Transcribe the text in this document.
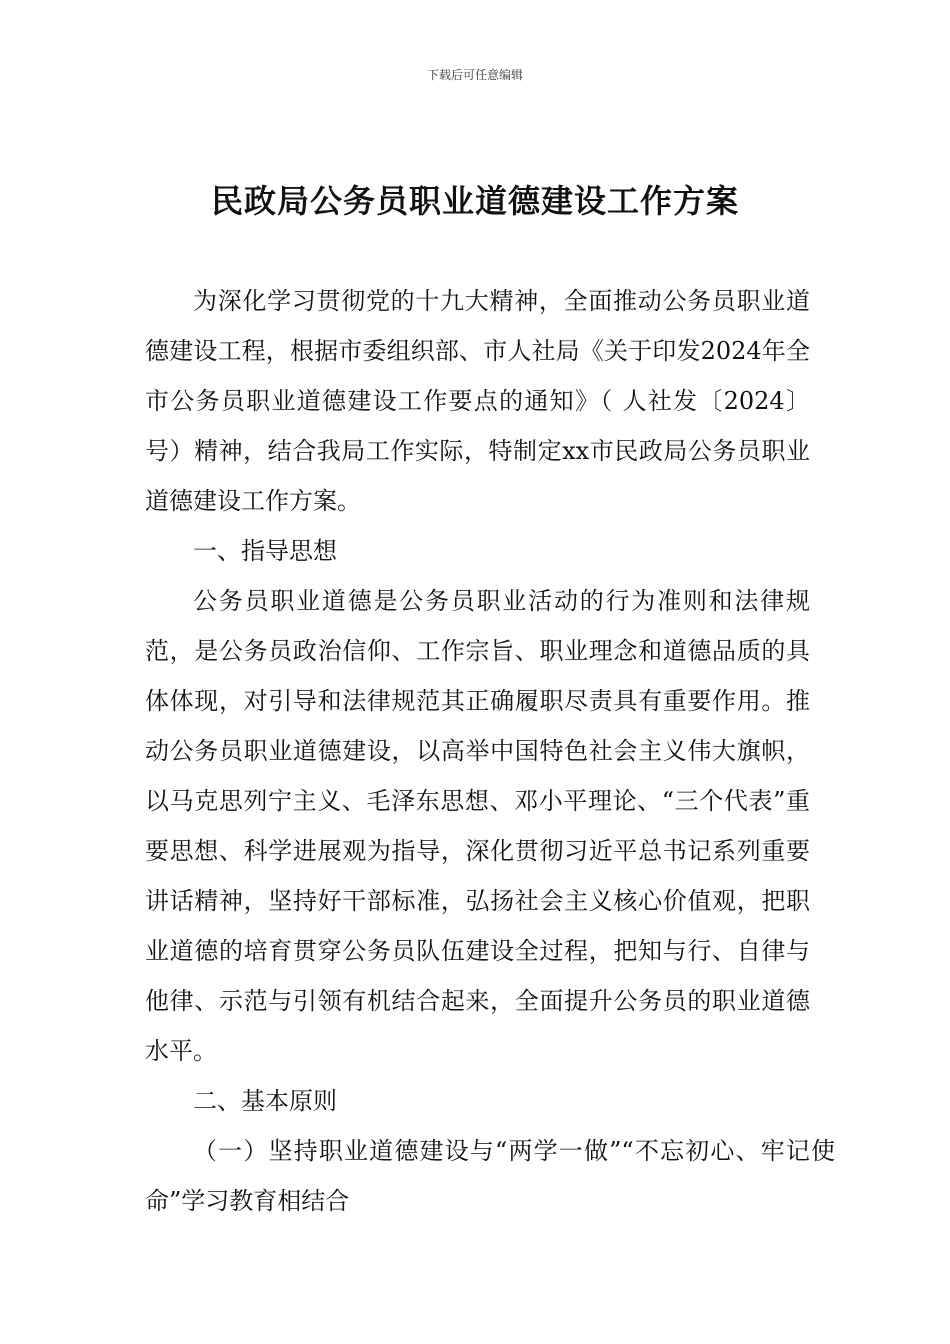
下载后可任意编辑
民政局公务员职业道德建设工作方案

为深化学习贯彻党的十九大精神，全面推动公务员职业道德建设工程，根据市委组织部、市人社局《关于印发2024年全市公务员职业道德建设工作要点的通知》（ 人社发〔2024〕 号）精神，结合我局工作实际，特制定xx市民政局公务员职业道德建设工作方案。

一、指导思想

公务员职业道德是公务员职业活动的行为准则和法律规范，是公务员政治信仰、工作宗旨、职业理念和道德品质的具体体现，对引导和法律规范其正确履职尽责具有重要作用。推动公务员职业道德建设，以高举中国特色社会主义伟大旗帜，以马克思列宁主义、毛泽东思想、邓小平理论、“三个代表”重要思想、科学进展观为指导，深化贯彻习近平总书记系列重要讲话精神，坚持好干部标准，弘扬社会主义核心价值观，把职业道德的培育贯穿公务员队伍建设全过程，把知与行、自律与他律、示范与引领有机结合起来，全面提升公务员的职业道德水平。

二、基本原则

（一）坚持职业道德建设与“两学一做”“不忘初心、牢记使命”学习教育相结合
